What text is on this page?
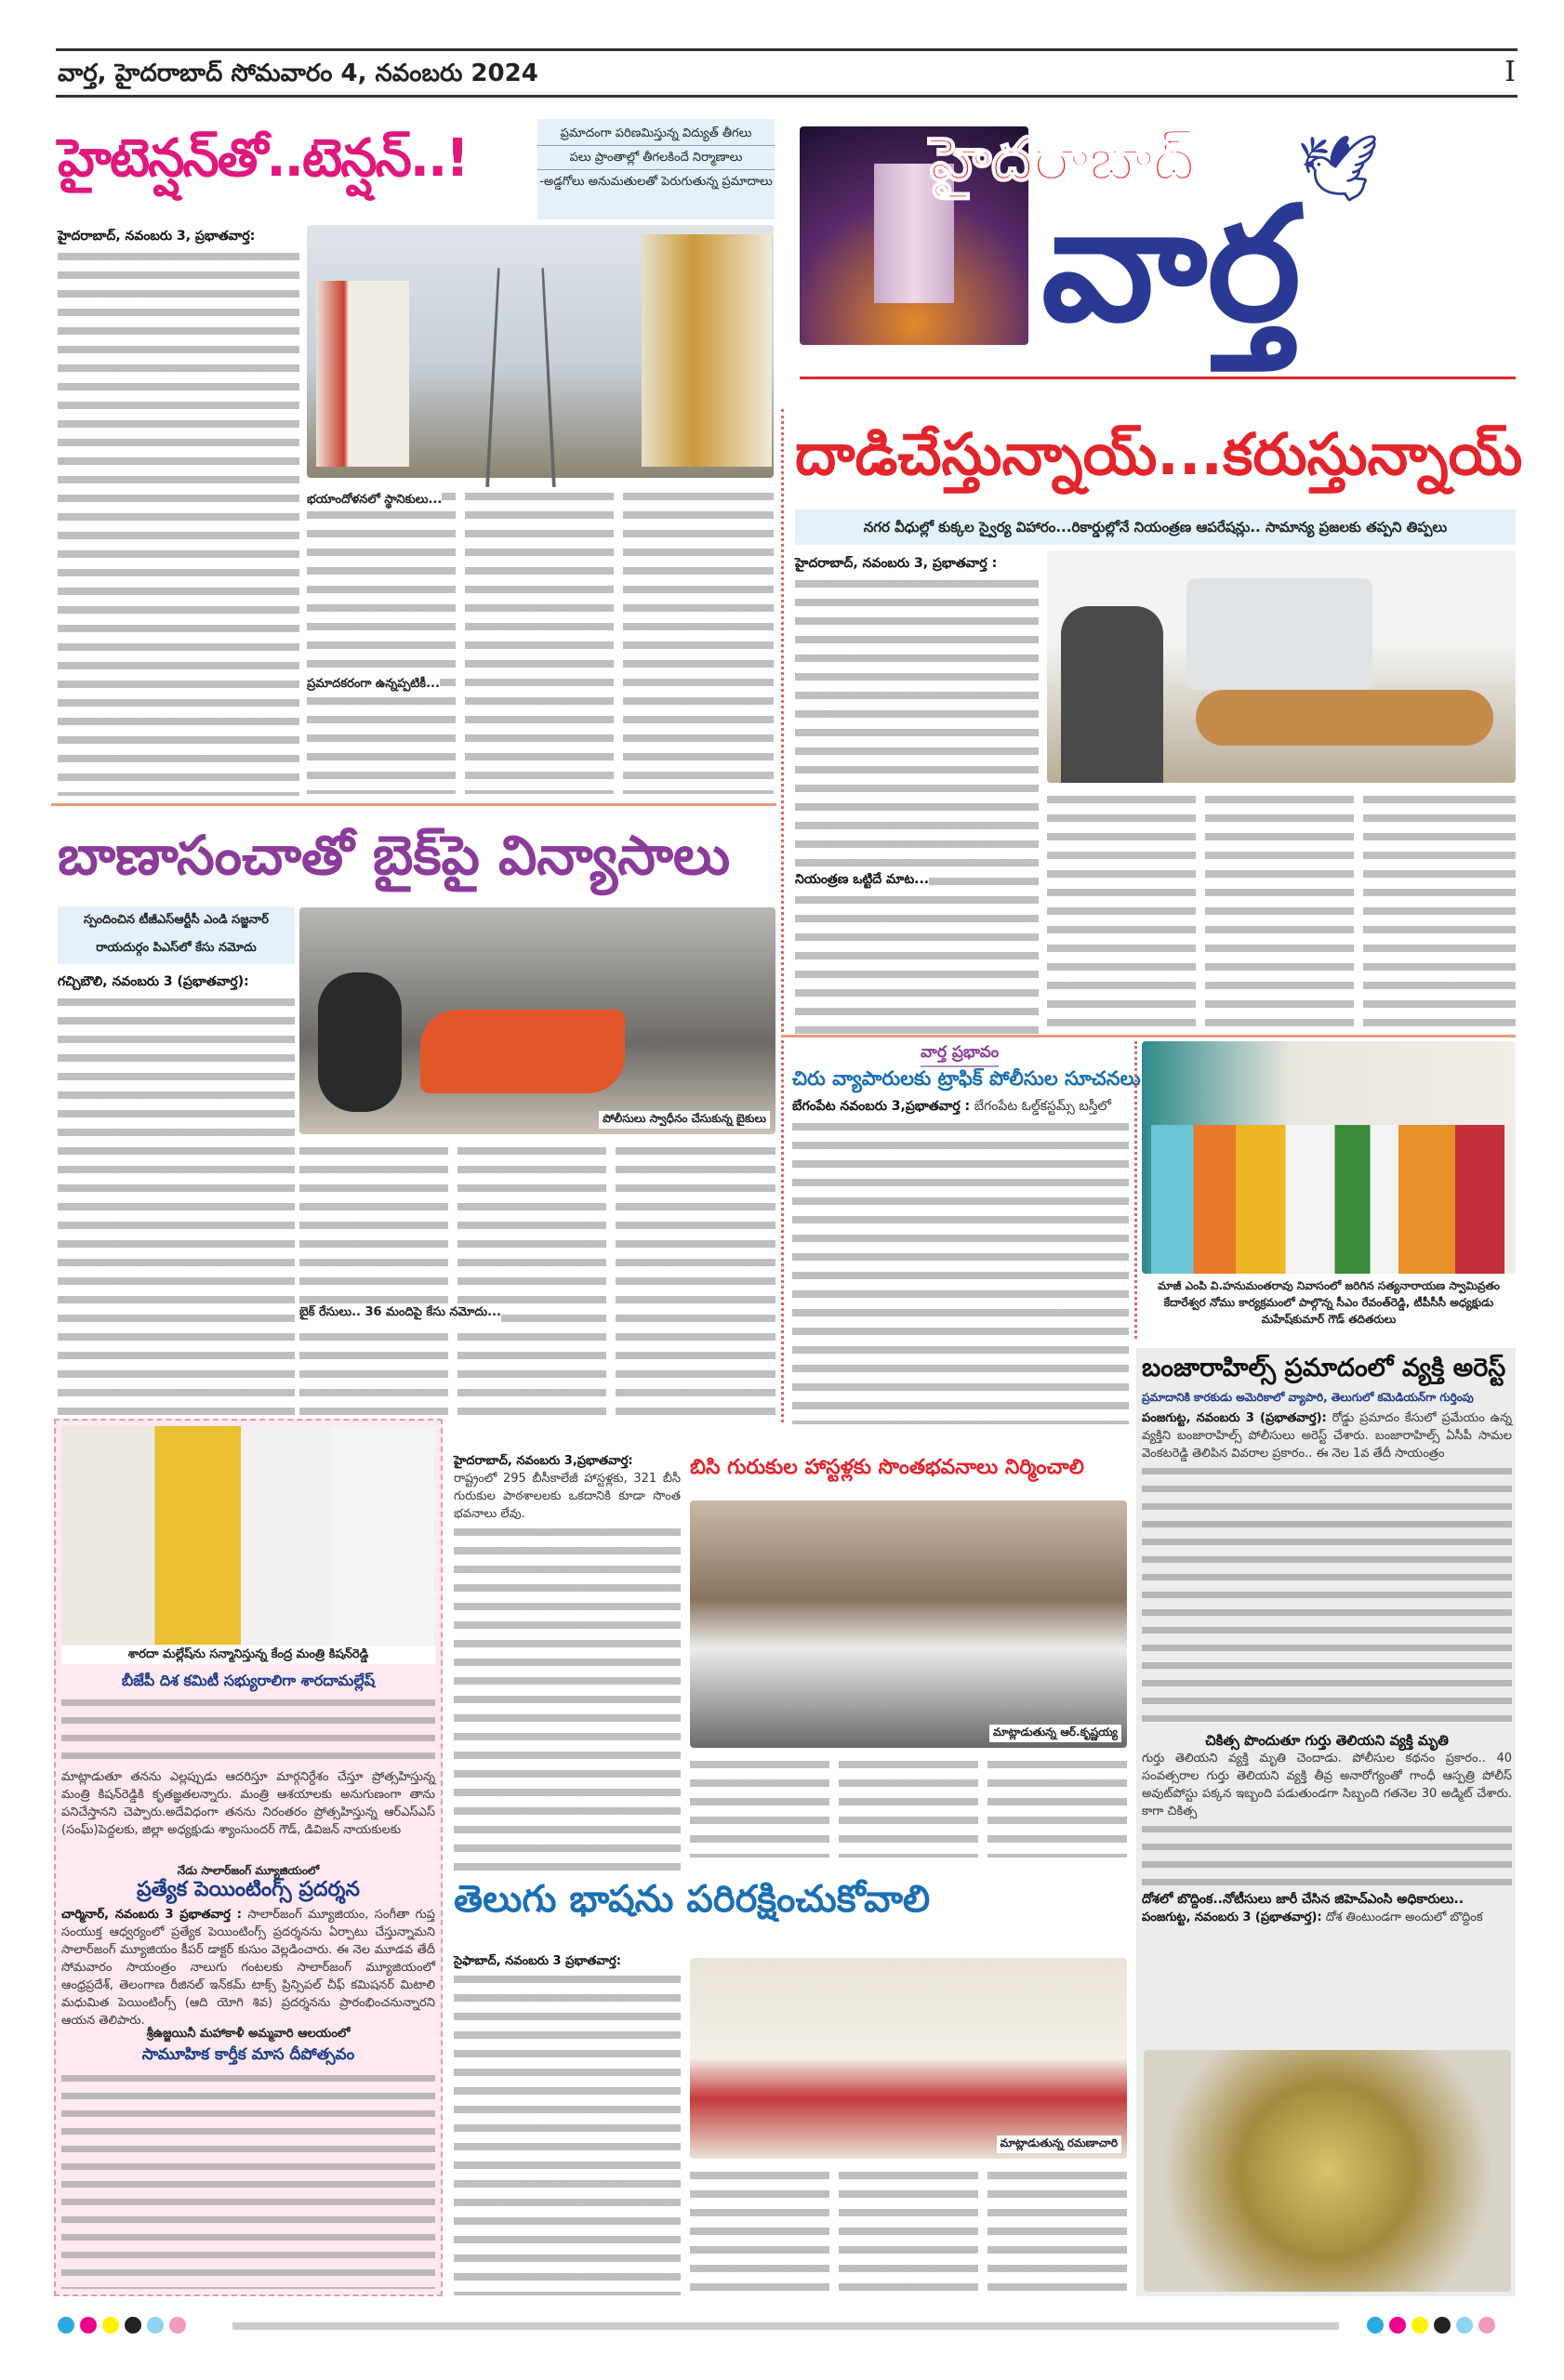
వార్త, హైదరాబాద్ సోమవారం 4, నవంబరు 2024	I
హైటెన్షన్‌తో..టెన్షన్..!	ప్రమాదంగా పరిణమిస్తున్న విద్యుత్ తీగలు
పలు ప్రాంతాల్లో తీగలకిందే నిర్మాణాలు
-అడ్డగోలు అనుమతులతో పెరుగుతున్న ప్రమాదాలు

హైదరాబాద్, నవంబరు 3, ప్రభాతవార్త:

భయాందోళనలో స్థానికులు...
ప్రమాదకరంగా ఉన్నప్పటికీ...
హైదరాబాద్ 🕊
వార్త
దాడిచేస్తున్నాయ్...కరుస్తున్నాయ్
నగర వీధుల్లో కుక్కల స్వైర్య విహారం...రికార్డుల్లోనే నియంత్రణ ఆపరేషన్లు.. సామాన్య ప్రజలకు తప్పని తిప్పలు

హైదరాబాద్, నవంబరు 3, ప్రభాతవార్త :

నియంత్రణ ఒట్టిదే మాట...

బాణాసంచాతో బైక్‌పై విన్యాసాలు
స్పందించిన టీజీఎస్ఆర్టీసీ ఎండి సజ్జనార్
రాయదుర్గం పిఎస్‌లో కేసు నమోదు
పోలీసులు స్వాధీనం చేసుకున్న బైకులు

గచ్చిబౌలి, నవంబరు 3 (ప్రభాతవార్త):

బైక్ రేసులు.. 36 మందిపై కేసు నమోదు...
వార్త ప్రభావం
చిరు వ్యాపారులకు ట్రాఫిక్ పోలీసుల సూచనలు

బేగంపేట నవంబరు 3,ప్రభాతవార్త : బేగంపేట ఓల్డ్‌కస్టమ్స్ బస్తీలో

మాజీ ఎంపి వి.హనుమంతరావు నివాసంలో జరిగిన సత్యనారాయణ స్వామివ్రతం కేదారేశ్వర నోము కార్యక్రమంలో పాల్గొన్న సీఎం రేవంత్‌రెడ్డి, టీపీసీసీ అధ్యక్షుడు మహేష్‌కుమార్ గౌడ్ తదితరులు
బంజారాహిల్స్ ప్రమాదంలో వ్యక్తి అరెస్ట్
ప్రమాదానికి కారకుడు అమెరికాలో వ్యాపారి, తెలుగులో కమెడియన్‌గా గుర్తింపు

పంజగుట్ట, నవంబరు 3 (ప్రభాతవార్త): రోడ్డు ప్రమాదం కేసులో ప్రమేయం ఉన్న వ్యక్తిని బంజారాహిల్స్ పోలీసులు అరెస్ట్ చేశారు. బంజారాహిల్స్ ఏసీపీ సామల వెంకటరెడ్డి తెలిపిన వివరాల ప్రకారం.. ఈ నెల 1వ తేదీ సాయంత్రం

చికిత్స పొందుతూ గుర్తు తెలియని వ్యక్తి మృతి

గుర్తు తెలియని వ్యక్తి మృతి చెందాడు. పోలీసుల కథనం ప్రకారం.. 40 సంవత్సరాల గుర్తు తెలియని వ్యక్తి తీవ్ర అనారోగ్యంతో గాంధీ ఆస్పత్రి పోలీస్ అవుట్‌పోస్టు పక్కన ఇబ్బంది పడుతుండగా సిబ్బంది గతనెల 30 అడ్మిట్ చేశారు. కాగా చికిత్స

దోశలో బొద్దింక..నోటీసులు జారీ చేసిన జిహెచ్ఎంసి అధికారులు..

పంజగుట్ట, నవంబరు 3 (ప్రభాతవార్త): దోశ తింటుండగా అందులో బొద్దింక

శారదా మల్లేష్‌ను సన్మానిస్తున్న కేంద్ర మంత్రి కిషన్‌రెడ్డి
బీజేపీ దిశ కమిటీ సభ్యురాలిగా శారదామల్లేష్
మాట్లాడుతూ తనను ఎల్లప్పుడు ఆదరిస్తూ మార్గనిర్దేశం చేస్తూ ప్రోత్సహిస్తున్న మంత్రి కిషన్‌రెడ్డికి కృతజ్ఞతలన్నారు. మంత్రి ఆశయాలకు అనుగుణంగా తాను పనిచేస్తానని చెప్పారు.అదేవిధంగా తనను నిరంతరం ప్రోత్సహిస్తున్న ఆర్ఎస్ఎస్ (సంఘ్)పెద్దలకు, జిల్లా అధ్యక్షుడు శ్యాంసుందర్ గౌడ్, డివిజన్ నాయకులకు
నేడు సాలార్‌జంగ్ మ్యూజియంలో
ప్రత్యేక పెయింటింగ్స్ ప్రదర్శన
చార్మినార్, నవంబరు 3 ప్రభాతవార్త : సాలార్‌జంగ్ మ్యూజియం, సంగీతా గుప్త సంయుక్త ఆధ్వర్యంలో ప్రత్యేక పెయింటింగ్స్ ప్రదర్శనను ఏర్పాటు చేస్తున్నామని సాలార్‌జంగ్ మ్యూజియం కీపర్ డాక్టర్ కుసుం వెల్లడించారు. ఈ నెల మూడవ తేదీ సోమవారం సాయంత్రం నాలుగు గంటలకు సాలార్‌జంగ్ మ్యూజియంలో ఆంధ్రప్రదేశ్, తెలంగాణ రీజినల్ ఇన్‌కమ్ టాక్స్ ప్రిన్సిపల్ చీఫ్ కమిషనర్ మిటాలి మధుమిత పెయింటింగ్స్ (ఆది యోగి శివ) ప్రదర్శనను ప్రారంభించనున్నారని ఆయన తెలిపారు.
శ్రీఉజ్జయినీ మహాకాళీ అమ్మవారి ఆలయంలో
సామూహిక కార్తీక మాస దీపోత్సవం

హైదరాబాద్, నవంబరు 3,ప్రభాతవార్త:

రాష్ట్రంలో 295 బీసీకాలేజీ హాస్టళ్లకు, 321 బీసీ గురుకుల పాఠశాలలకు ఒకదానికి కూడా సొంత భవనాలు లేవు.

బిసి గురుకుల హాస్టళ్లకు సొంతభవనాలు నిర్మించాలి
మాట్లాడుతున్న ఆర్.కృష్ణయ్య
తెలుగు భాషను పరిరక్షించుకోవాలి

సైఫాబాద్, నవంబరు 3 ప్రభాతవార్త:

మాట్లాడుతున్న రమణాచారి
